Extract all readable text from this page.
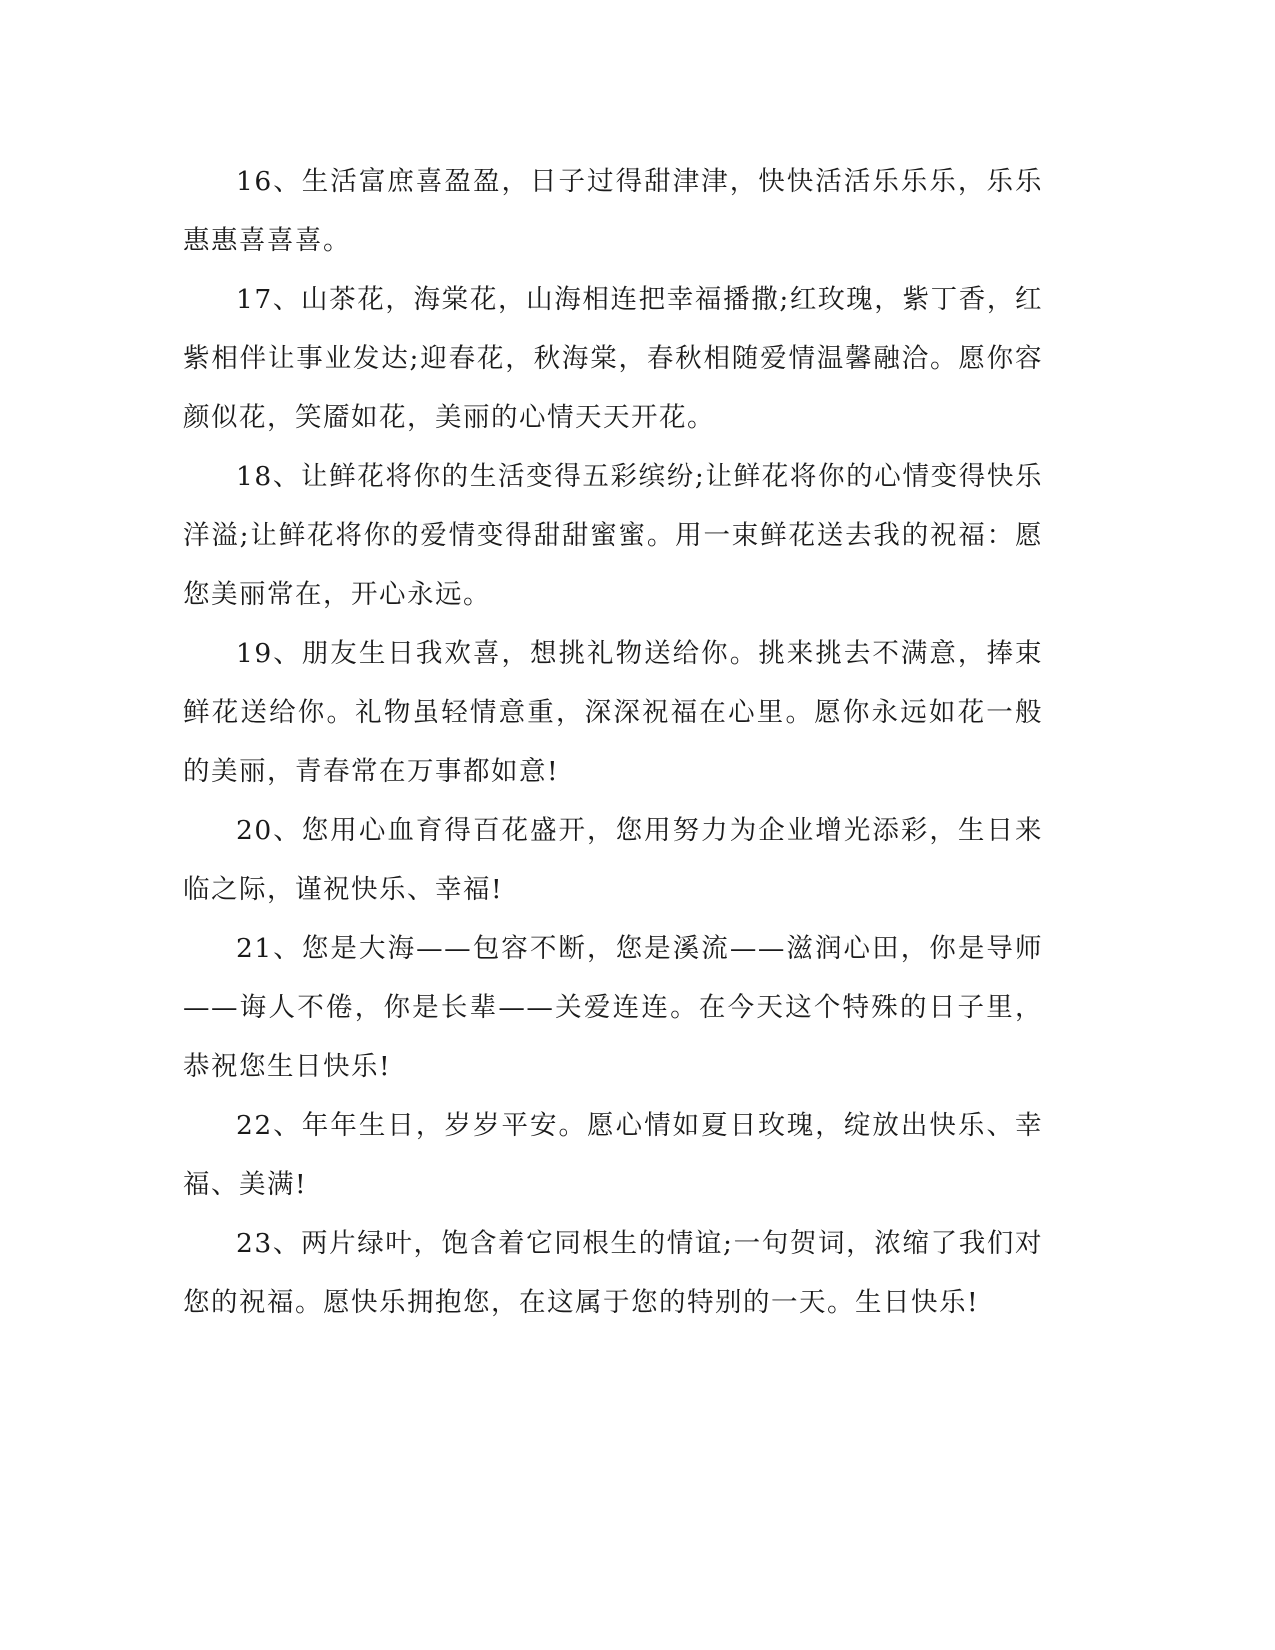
16、生活富庶喜盈盈，日子过得甜津津，快快活活乐乐乐，乐乐惠惠喜喜喜。

17、山茶花，海棠花，山海相连把幸福播撒;红玫瑰，紫丁香，红紫相伴让事业发达;迎春花，秋海棠，春秋相随爱情温馨融洽。愿你容颜似花，笑靥如花，美丽的心情天天开花。

18、让鲜花将你的生活变得五彩缤纷;让鲜花将你的心情变得快乐洋溢;让鲜花将你的爱情变得甜甜蜜蜜。用一束鲜花送去我的祝福：愿您美丽常在，开心永远。

19、朋友生日我欢喜，想挑礼物送给你。挑来挑去不满意，捧束鲜花送给你。礼物虽轻情意重，深深祝福在心里。愿你永远如花一般的美丽，青春常在万事都如意!

20、您用心血育得百花盛开，您用努力为企业增光添彩，生日来临之际，谨祝快乐、幸福!

21、您是大海——包容不断，您是溪流——滋润心田，你是导师——诲人不倦，你是长辈——关爱连连。在今天这个特殊的日子里，恭祝您生日快乐!

22、年年生日，岁岁平安。愿心情如夏日玫瑰，绽放出快乐、幸福、美满!

23、两片绿叶，饱含着它同根生的情谊;一句贺词，浓缩了我们对您的祝福。愿快乐拥抱您，在这属于您的特别的一天。生日快乐!
